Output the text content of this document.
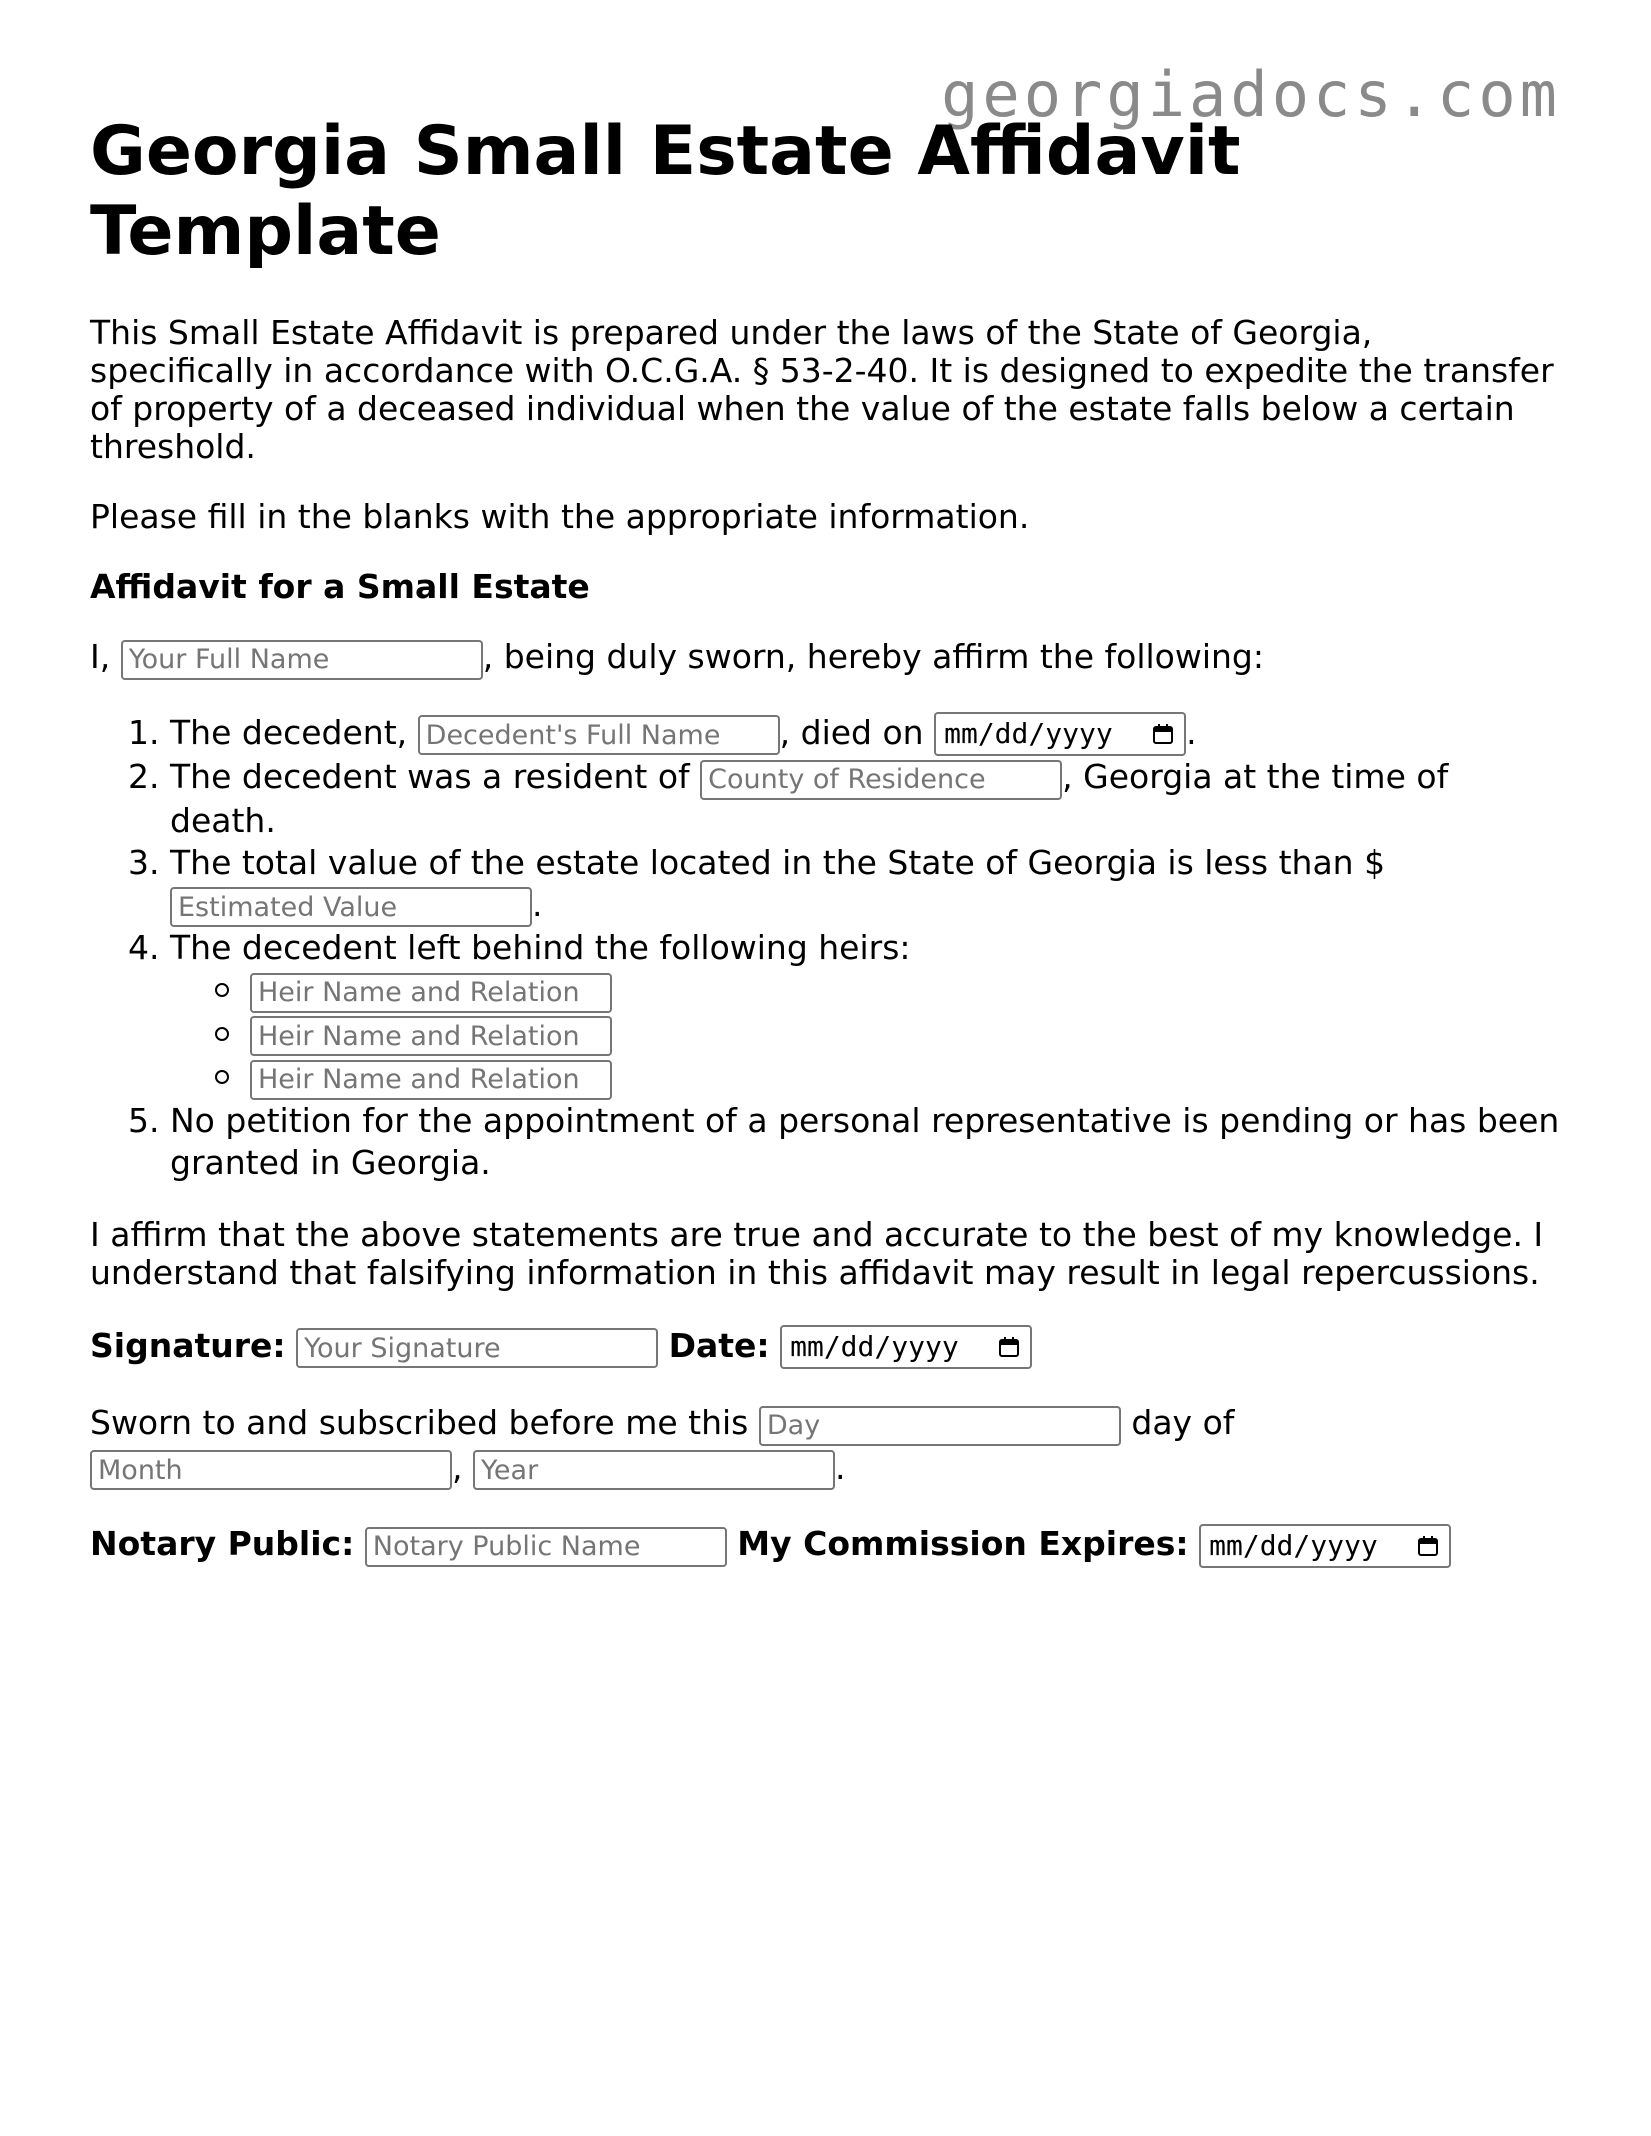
georgiadocs.com
Georgia Small Estate Affidavit Template

This Small Estate Affidavit is prepared under the laws of the State of Georgia, specifically in accordance with O.C.G.A. § 53-2-40. It is designed to expedite the transfer of property of a deceased individual when the value of the estate falls below a certain threshold.

Please fill in the blanks with the appropriate information.

Affidavit for a Small Estate

I, Your Full Name	, being duly sworn, hereby affirm the following:

1. The decedent, Decedent's Full Name	, died on mm/dd/yyyy .
2. The decedent was a resident of County of Residence	, Georgia at the time of death.
3. The total value of the estate located in the State of Georgia is less than $
Estimated Value.
4. The decedent left behind the following heirs:
Heir Name and Relation
Heir Name and Relation
Heir Name and Relation
5. No petition for the appointment of a personal representative is pending or has been granted in Georgia.

I affirm that the above statements are true and accurate to the best of my knowledge. I understand that falsifying information in this affidavit may result in legal repercussions.

Signature: Your Signature	Date: mm/dd/yyyy
Sworn to and subscribed before me this Day	day of
Month, Year	.
Notary Public: Notary Public Name	My Commission Expires: mm/dd/yyyy
